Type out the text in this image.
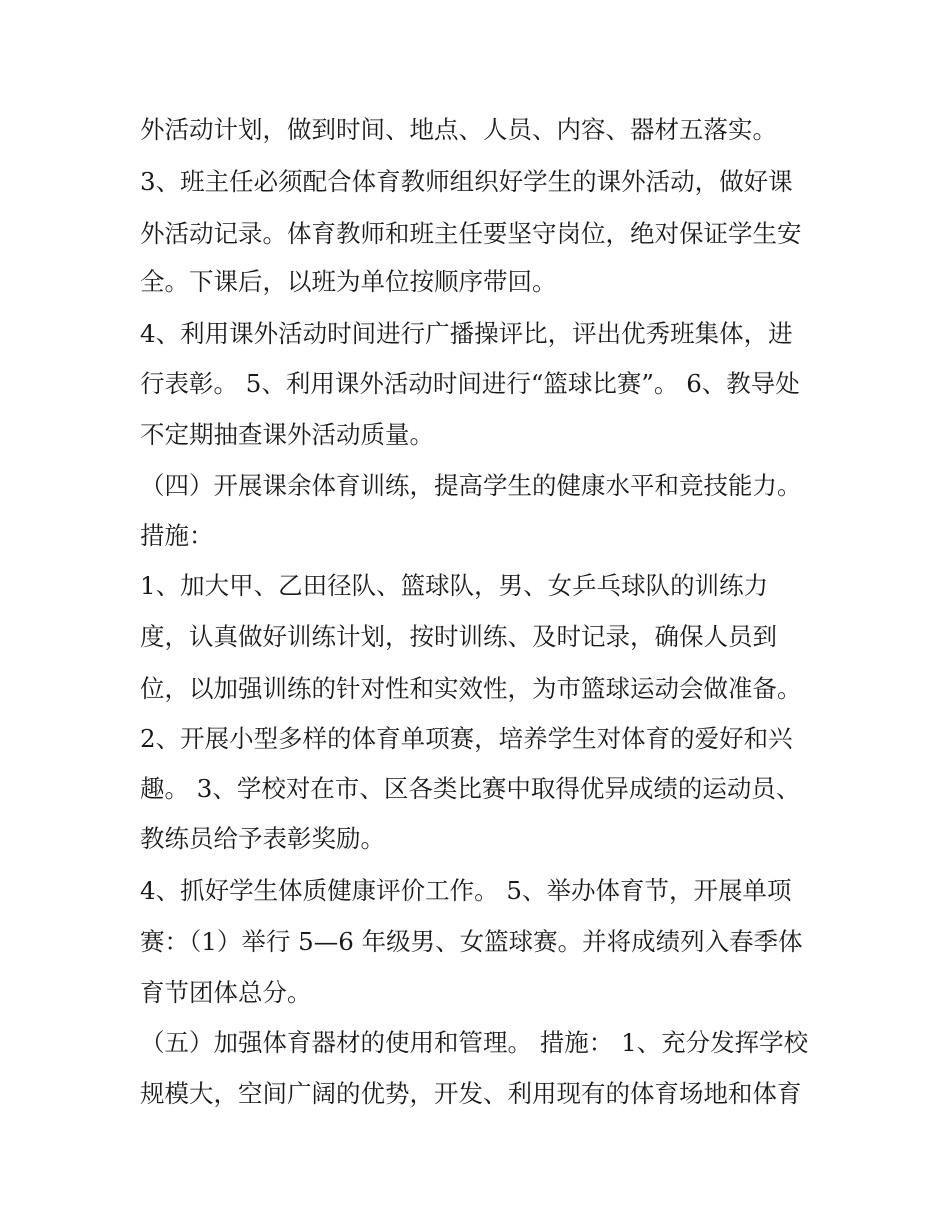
外活动计划，做到时间、地点、人员、内容、器材五落实。
3、班主任必须配合体育教师组织好学生的课外活动，做好课
外活动记录。体育教师和班主任要坚守岗位，绝对保证学生安
全。下课后，以班为单位按顺序带回。
4、利用课外活动时间进行广播操评比，评出优秀班集体，进
行表彰。 5、利用课外活动时间进行“篮球比赛”。 6、教导处
不定期抽查课外活动质量。
（四）开展课余体育训练，提高学生的健康水平和竞技能力。
措施：
1、加大甲、乙田径队、篮球队，男、女乒乓球队的训练力
度，认真做好训练计划，按时训练、及时记录，确保人员到
位，以加强训练的针对性和实效性，为市篮球运动会做准备。
2、开展小型多样的体育单项赛，培养学生对体育的爱好和兴
趣。 3、学校对在市、区各类比赛中取得优异成绩的运动员、
教练员给予表彰奖励。
4、抓好学生体质健康评价工作。 5、举办体育节，开展单项
赛：（1）举行 5—6 年级男、女篮球赛。并将成绩列入春季体
育节团体总分。
（五）加强体育器材的使用和管理。 措施： 1、充分发挥学校
规模大，空间广阔的优势，开发、利用现有的体育场地和体育
